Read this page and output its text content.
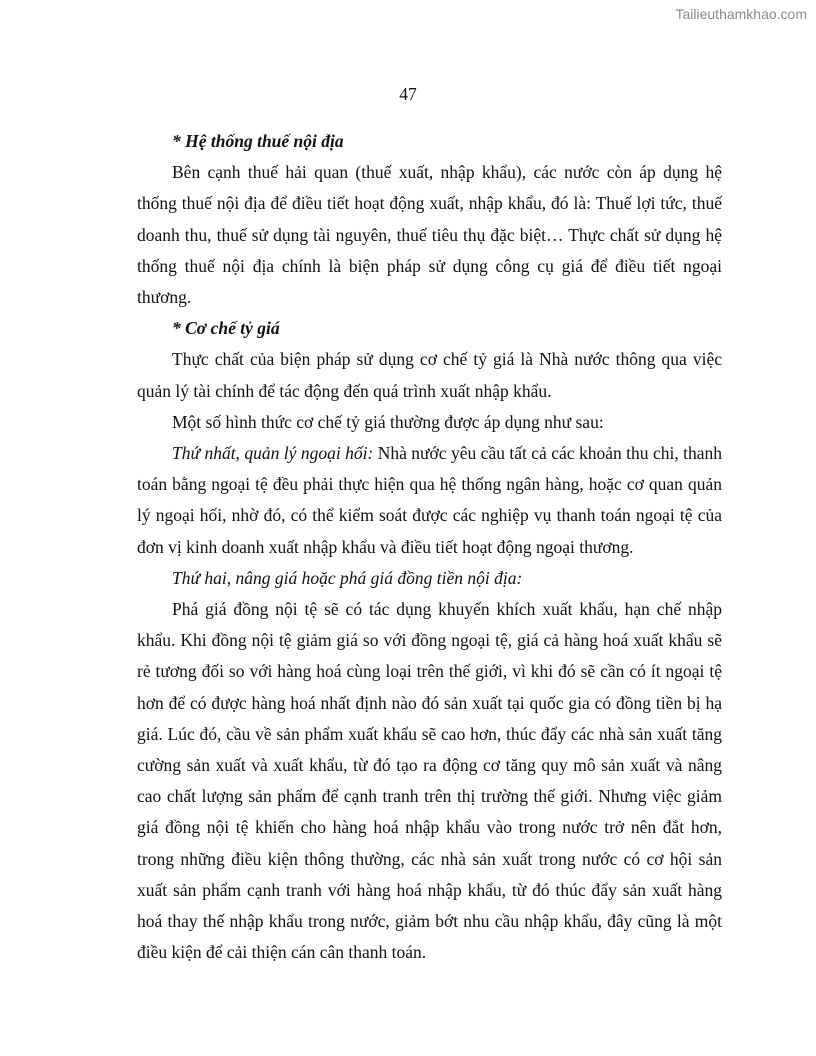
Tailieuthamkhao.com
47

* Hệ thống thuế nội địa

Bên cạnh thuế hải quan (thuế xuất, nhập khẩu), các nước còn áp dụng hệ thống thuế nội địa để điều tiết hoạt động xuất, nhập khẩu, đó là: Thuế lợi tức, thuế doanh thu, thuế sử dụng tài nguyên, thuế tiêu thụ đặc biệt… Thực chất sử dụng hệ thống thuế nội địa chính là biện pháp sử dụng công cụ giá để điều tiết ngoại thương.

* Cơ chế tỷ giá

Thực chất của biện pháp sử dụng cơ chế tỷ giá là Nhà nước thông qua việc quản lý tài chính để tác động đến quá trình xuất nhập khẩu.

Một số hình thức cơ chế tỷ giá thường được áp dụng như sau:

Thứ nhất, quản lý ngoại hối: Nhà nước yêu cầu tất cả các khoản thu chi, thanh toán bằng ngoại tệ đều phải thực hiện qua hệ thống ngân hàng, hoặc cơ quan quản lý ngoại hối, nhờ đó, có thể kiểm soát được các nghiệp vụ thanh toán ngoại tệ của đơn vị kinh doanh xuất nhập khẩu và điều tiết hoạt động ngoại thương.

Thứ hai, nâng giá hoặc phá giá đồng tiền nội địa:

Phá giá đồng nội tệ sẽ có tác dụng khuyến khích xuất khẩu, hạn chế nhập khẩu. Khi đồng nội tệ giảm giá so với đồng ngoại tệ, giá cả hàng hoá xuất khẩu sẽ rẻ tương đối so với hàng hoá cùng loại trên thế giới, vì khi đó sẽ cần có ít ngoại tệ hơn để có được hàng hoá nhất định nào đó sản xuất tại quốc gia có đồng tiền bị hạ giá. Lúc đó, cầu về sản phẩm xuất khẩu sẽ cao hơn, thúc đẩy các nhà sản xuất tăng cường sản xuất và xuất khẩu, từ đó tạo ra động cơ tăng quy mô sản xuất và nâng cao chất lượng sản phẩm để cạnh tranh trên thị trường thế giới. Nhưng việc giảm giá đồng nội tệ khiến cho hàng hoá nhập khẩu vào trong nước trở nên đắt hơn, trong những điều kiện thông thường, các nhà sản xuất trong nước có cơ hội sản xuất sản phẩm cạnh tranh với hàng hoá nhập khẩu, từ đó thúc đẩy sản xuất hàng hoá thay thế nhập khẩu trong nước, giảm bớt nhu cầu nhập khẩu, đây cũng là một điều kiện để cải thiện cán cân thanh toán.
